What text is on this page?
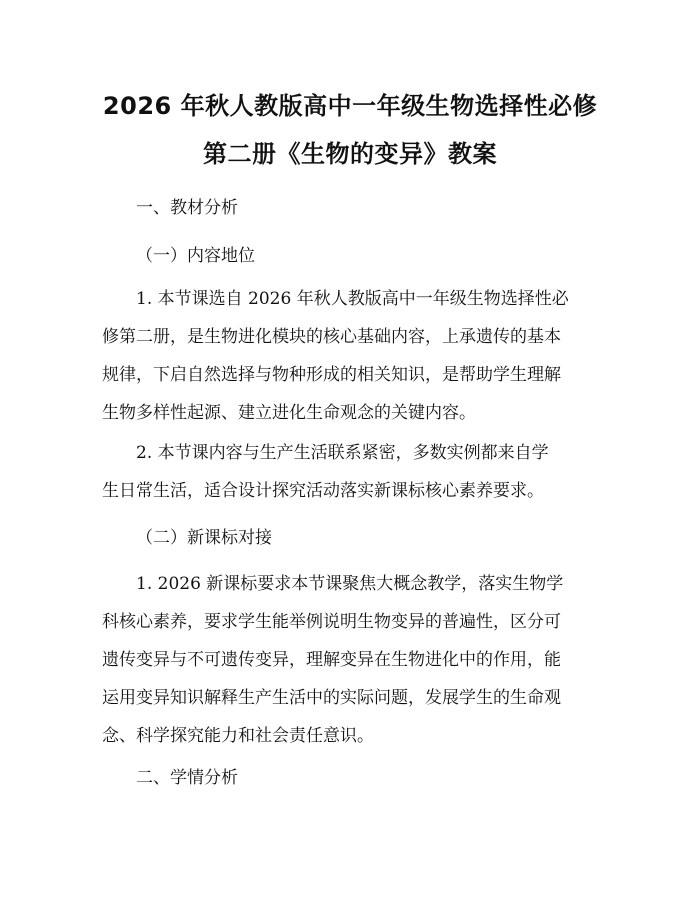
2026 年秋人教版高中一年级生物选择性必修
第二册《生物的变异》教案

一、教材分析

（一）内容地位

1. 本节课选自 2026 年秋人教版高中一年级生物选择性必
修第二册，是生物进化模块的核心基础内容，上承遗传的基本
规律，下启自然选择与物种形成的相关知识，是帮助学生理解
生物多样性起源、建立进化生命观念的关键内容。
2. 本节课内容与生产生活联系紧密，多数实例都来自学
生日常生活，适合设计探究活动落实新课标核心素养要求。

（二）新课标对接

1. 2026 新课标要求本节课聚焦大概念教学，落实生物学
科核心素养，要求学生能举例说明生物变异的普遍性，区分可
遗传变异与不可遗传变异，理解变异在生物进化中的作用，能
运用变异知识解释生产生活中的实际问题，发展学生的生命观
念、科学探究能力和社会责任意识。

二、学情分析
